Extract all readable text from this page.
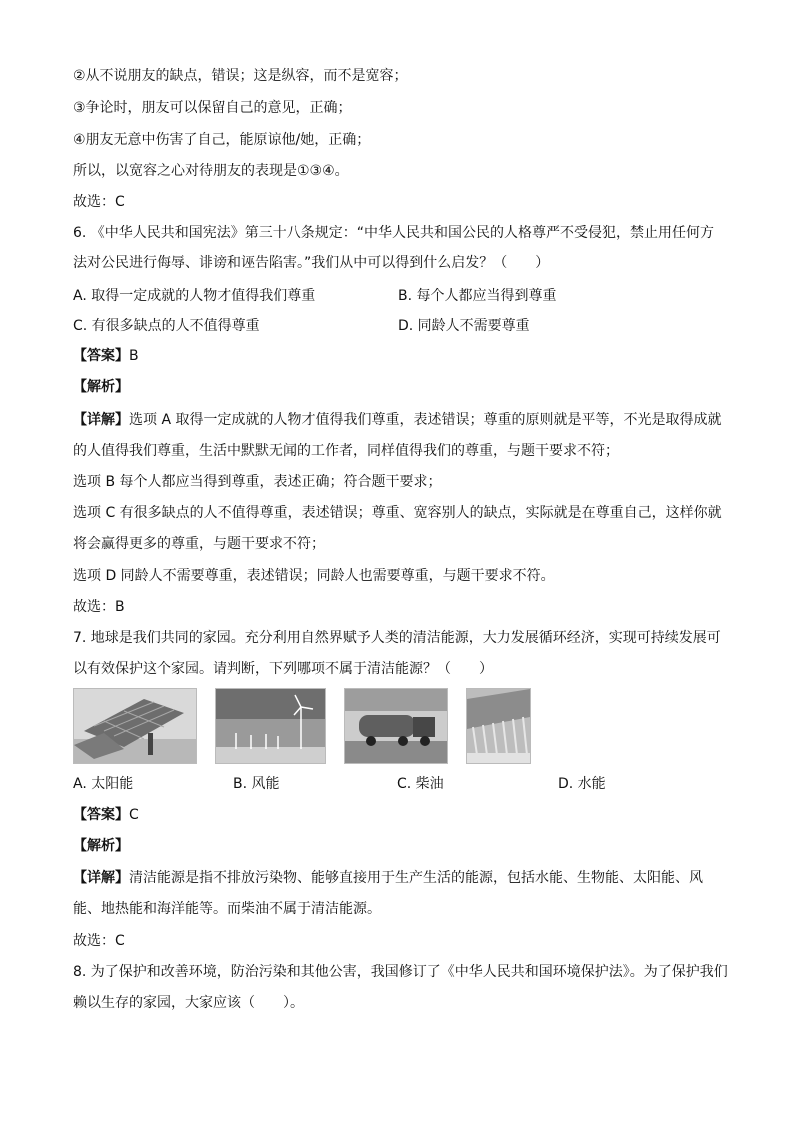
②从不说朋友的缺点，错误；这是纵容，而不是宽容；
③争论时，朋友可以保留自己的意见，正确；
④朋友无意中伤害了自己，能原谅他/她，正确；
所以，以宽容之心对待朋友的表现是①③④。
故选：C
6. 《中华人民共和国宪法》第三十八条规定：“中华人民共和国公民的人格尊严不受侵犯，禁止用任何方
法对公民进行侮辱、诽谤和诬告陷害。”我们从中可以得到什么启发？（　　）
A. 取得一定成就的人物才值得我们尊重	B. 每个人都应当得到尊重
C. 有很多缺点的人不值得尊重	D. 同龄人不需要尊重
【答案】B
【解析】
【详解】选项 A 取得一定成就的人物才值得我们尊重，表述错误；尊重的原则就是平等，不光是取得成就
的人值得我们尊重，生活中默默无闻的工作者，同样值得我们的尊重，与题干要求不符；
选项 B 每个人都应当得到尊重，表述正确；符合题干要求；
选项 C 有很多缺点的人不值得尊重，表述错误；尊重、宽容别人的缺点，实际就是在尊重自己，这样你就
将会赢得更多的尊重，与题干要求不符；
选项 D 同龄人不需要尊重，表述错误；同龄人也需要尊重，与题干要求不符。
故选：B
7. 地球是我们共同的家园。充分利用自然界赋予人类的清洁能源，大力发展循环经济，实现可持续发展可
以有效保护这个家园。请判断，下列哪项不属于清洁能源？（　　）
A. 太阳能	B. 风能	C. 柴油	D. 水能
【答案】C
【解析】
【详解】清洁能源是指不排放污染物、能够直接用于生产生活的能源，包括水能、生物能、太阳能、风
能、地热能和海洋能等。而柴油不属于清洁能源。
故选：C
8. 为了保护和改善环境，防治污染和其他公害，我国修订了《中华人民共和国环境保护法》。为了保护我们
赖以生存的家园，大家应该（　　）。
